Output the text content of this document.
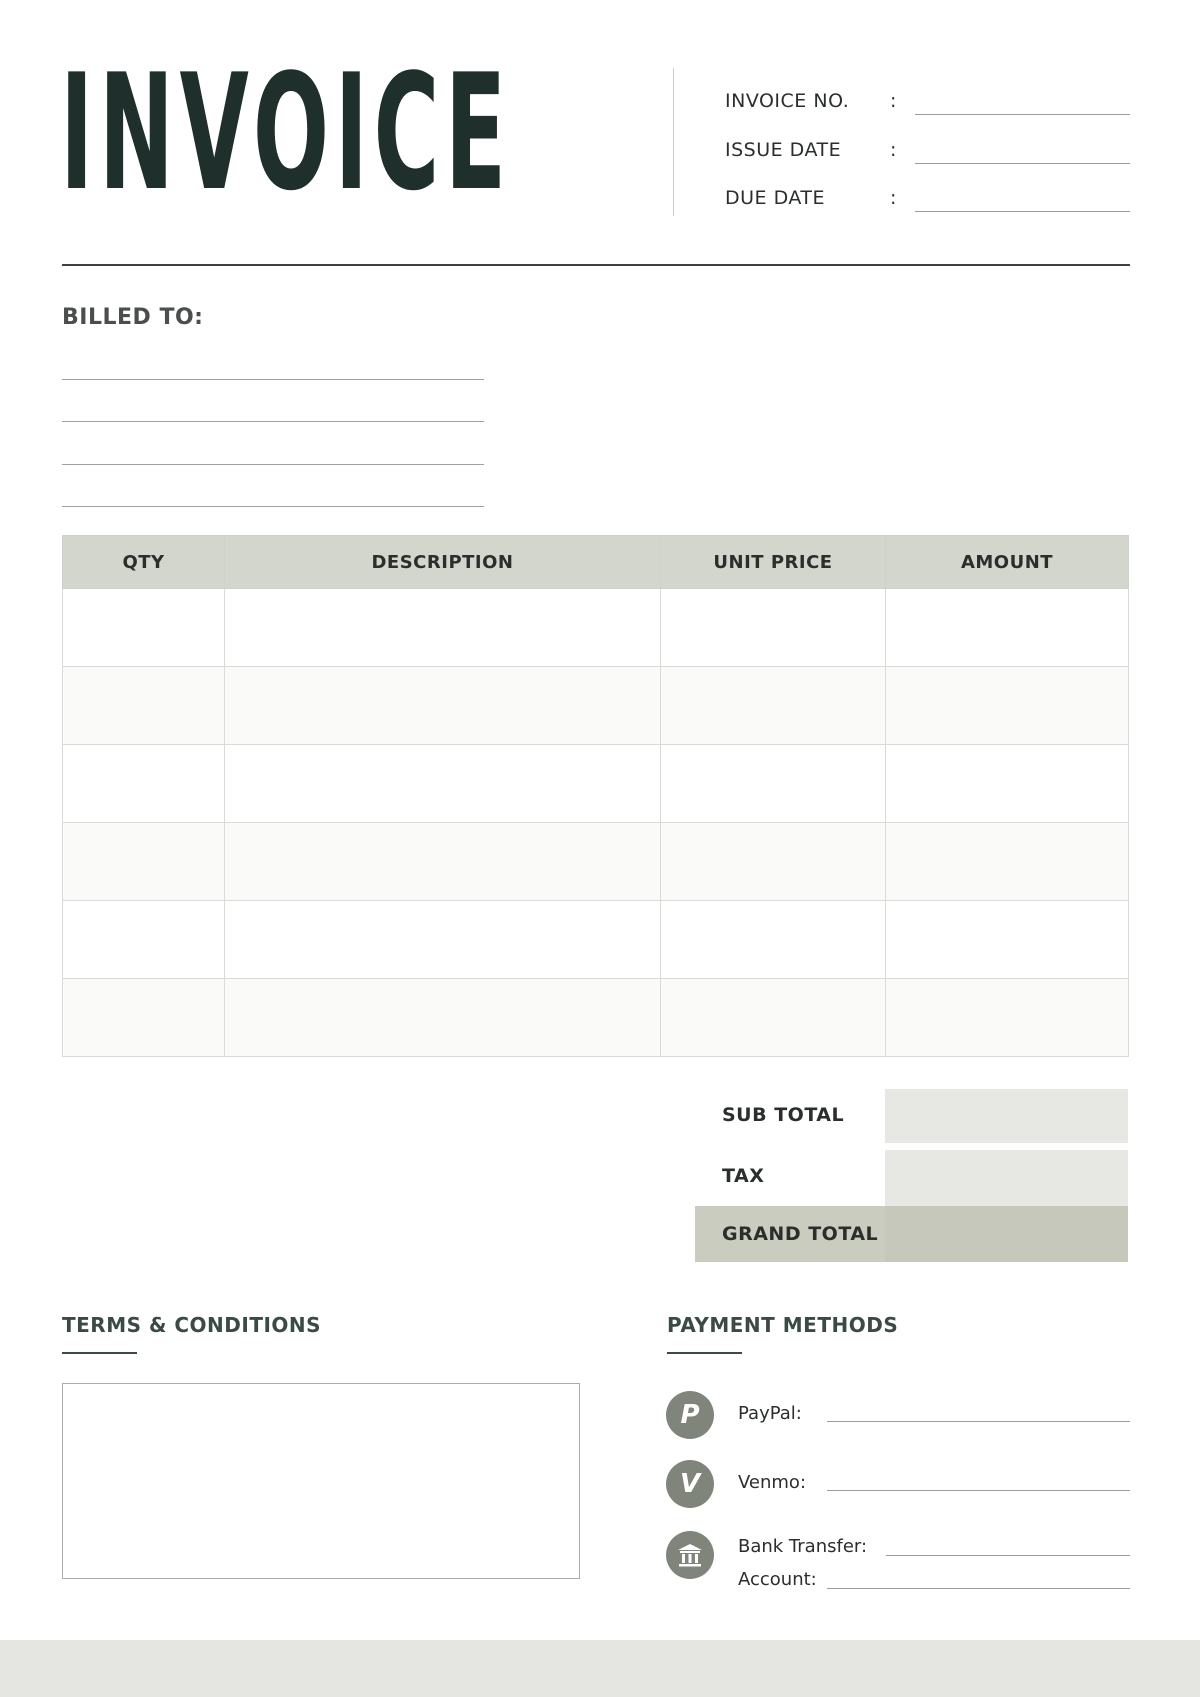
INVOICE	INVOICE NO. :
ISSUE DATE	:
DUE DATE	:
BILLED TO:
QTY	DESCRIPTION	UNIT PRICE	AMOUNT

SUB TOTAL
TAX
GRAND TOTAL
TERMS & CONDITIONS	PAYMENT METHODS
P	PayPal:
V	Venmo:
Bank Transfer:
Account:
